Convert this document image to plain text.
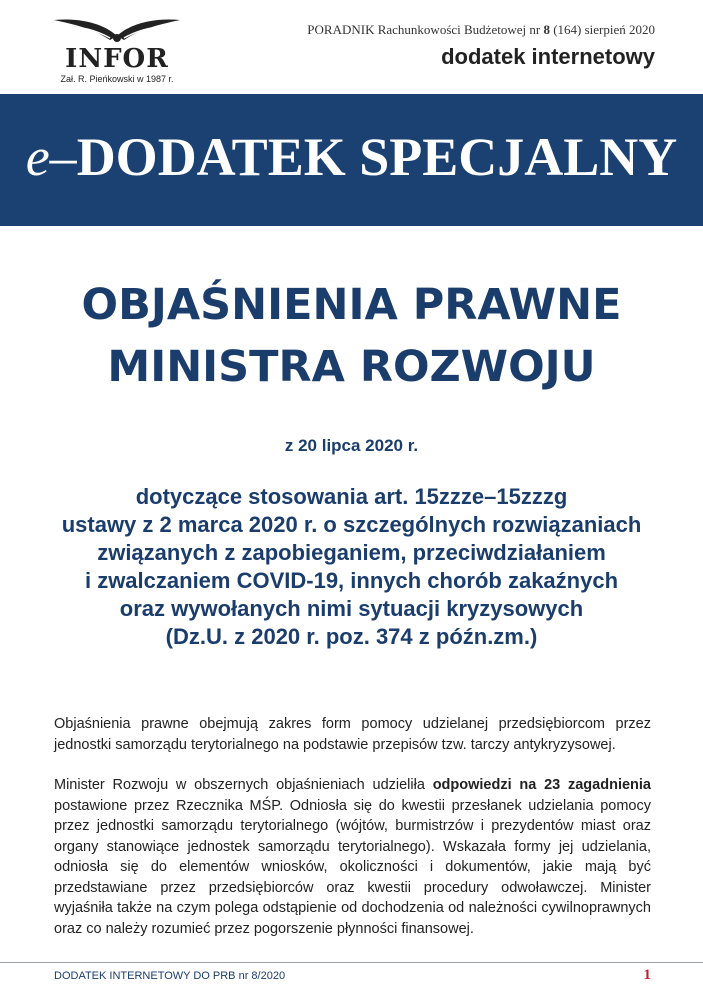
INFOR
Zał. R. Pieńkowski w 1987 r.
PORADNIK Rachunkowości Budżetowej nr 8 (164) sierpień 2020
dodatek internetowy
e–DODATEK SPECJALNY
OBJAŚNIENIA PRAWNE
MINISTRA ROZWOJU
z 20 lipca 2020 r.
dotyczące stosowania art. 15zzze–15zzzg
ustawy z 2 marca 2020 r. o szczególnych rozwiązaniach
związanych z zapobieganiem, przeciwdziałaniem
i zwalczaniem COVID-19, innych chorób zakaźnych
oraz wywołanych nimi sytuacji kryzysowych
(Dz.U. z 2020 r. poz. 374 z późn.zm.)
Objaśnienia prawne obejmują zakres form pomocy udzielanej przedsiębiorcom przez jednostki samorządu terytorialnego na podstawie przepisów tzw. tarczy antykryzysowej.
Minister Rozwoju w obszernych objaśnieniach udzieliła odpowiedzi na 23 zagadnienia postawione przez Rzecznika MŚP. Odniosła się do kwestii przesłanek udzielania pomocy przez jednostki samorządu terytorialnego (wójtów, burmistrzów i prezydentów miast oraz organy stanowiące jednostek samorządu terytorialnego). Wskazała formy jej udzielania, odniosła się do elementów wniosków, okoliczności i dokumentów, jakie mają być przedstawiane przez przedsiębiorców oraz kwestii procedury odwoławczej. Minister wyjaśniła także na czym polega odstąpienie od dochodzenia od należności cywilnoprawnych oraz co należy rozumieć przez pogorszenie płynności finansowej.
DODATEK INTERNETOWY DO PRB nr 8/2020	1
